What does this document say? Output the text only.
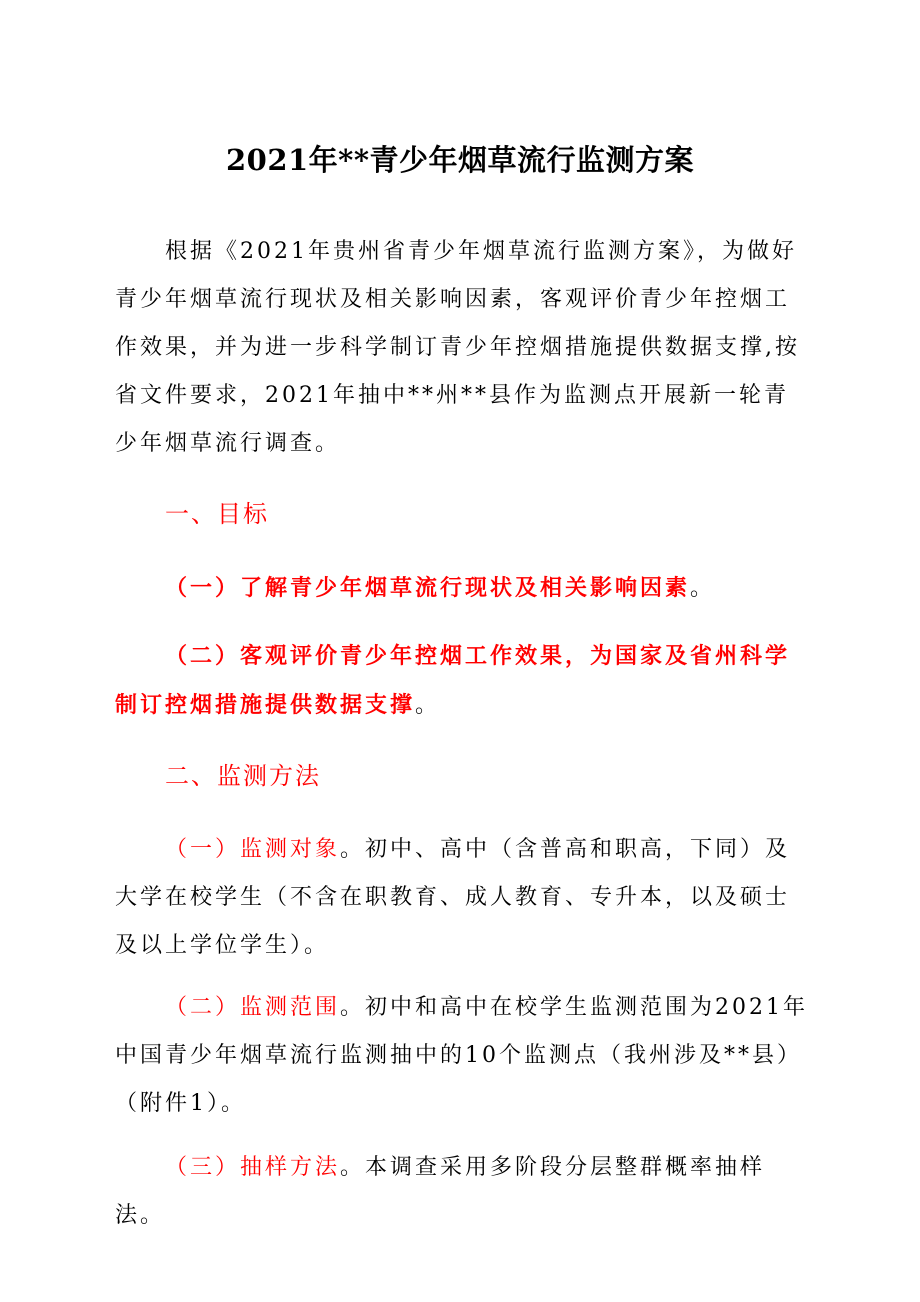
2021年**青少年烟草流行监测方案

根据《2021年贵州省青少年烟草流行监测方案》，为做好青少年烟草流行现状及相关影响因素，客观评价青少年控烟工作效果，并为进一步科学制订青少年控烟措施提供数据支撑,按省文件要求，2021年抽中**州**县作为监测点开展新一轮青少年烟草流行调查。

一、目标

（一）了解青少年烟草流行现状及相关影响因素。

（二）客观评价青少年控烟工作效果，为国家及省州科学制订控烟措施提供数据支撑。

二、监测方法

（一）监测对象。初中、高中（含普高和职高，下同）及大学在校学生（不含在职教育、成人教育、专升本，以及硕士及以上学位学生）。

（二）监测范围。初中和高中在校学生监测范围为2021年中国青少年烟草流行监测抽中的10个监测点（我州涉及**县）（附件1）。

（三）抽样方法。本调查采用多阶段分层整群概率抽样法。
